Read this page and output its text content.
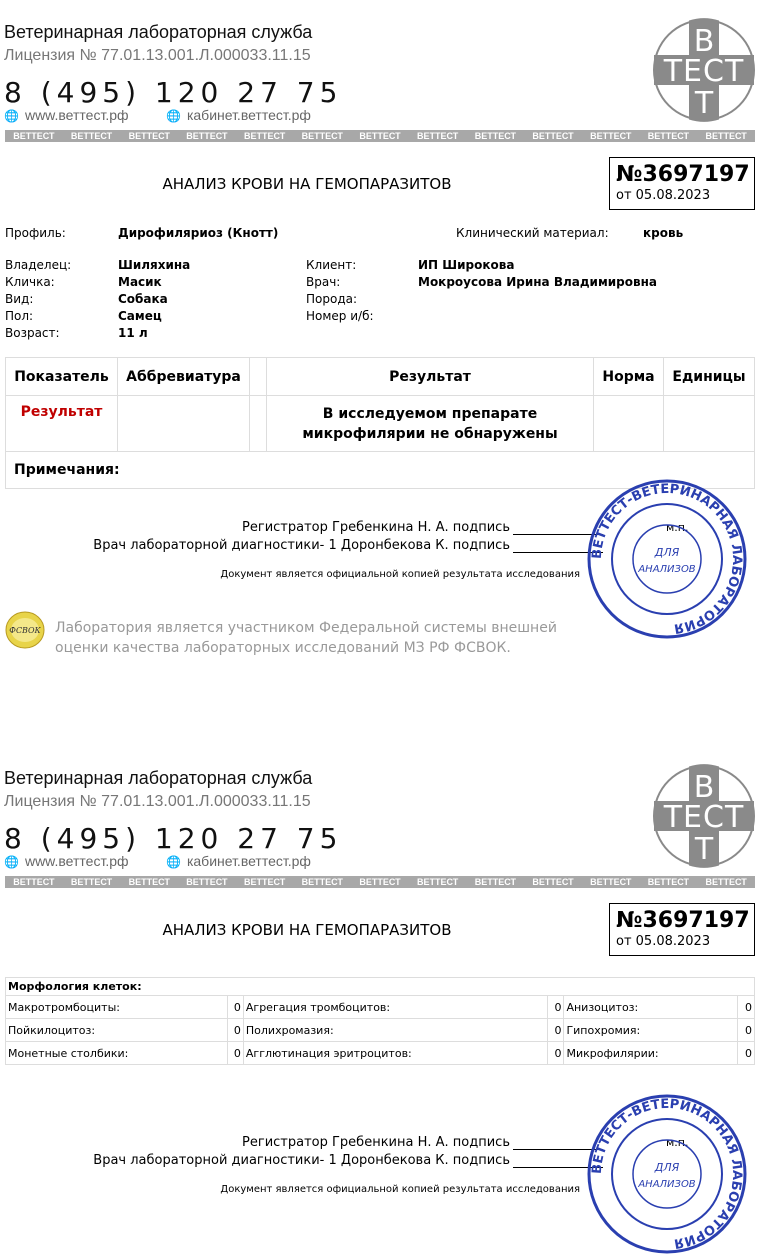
Ветеринарная лабораторная служба
Лицензия № 77.01.13.001.Л.000033.11.15
8 (495) 120 27 75
🌐 www.веттест.рф	🌐 кабинет.веттест.рф
ВЕТТЕСТ ВЕТТЕСТ ВЕТТЕСТ ВЕТТЕСТ ВЕТТЕСТ ВЕТТЕСТ ВЕТТЕСТ ВЕТТЕСТ ВЕТТЕСТ ВЕТТЕСТ ВЕТТЕСТ ВЕТТЕСТ ВЕТТЕСТ
В
ТЕСТ
Т
АНАЛИЗ КРОВИ НА ГЕМОПАРАЗИТОВ	№3697197
от 05.08.2023
Профиль:	Дирофиляриоз (Кнотт)	Клинический материал:	кровь
Владелец:	Шиляхина
Кличка:	Масик
Вид:	Собака
Пол:	Самец
Возраст:	11 л
Клиент:	ИП Широкова
Врач:	Мокроусова Ирина Владимировна
Порода:
Номер и/б:
Показатель	Аббревиатура		Результат	Норма	Единицы
Результат			В исследуемом препарате
микрофилярии не обнаружены		

Примечания:					
Регистратор Гребенкина Н. А. подпись	м.п.
Врач лабораторной диагностики- 1 Доронбекова К. подпись
Документ является официальной копией результата исследования
ДЛЯ
АНАЛИЗОВ
ВЕТТЕСТ-ВЕТЕРИНАРНАЯ ЛАБОРАТОРИЯ
ФСВОК Лаборатория является участником Федеральной системы внешней
оценки качества лабораторных исследований МЗ РФ ФСВОК.
Ветеринарная лабораторная служба
Лицензия № 77.01.13.001.Л.000033.11.15
8 (495) 120 27 75
🌐 www.веттест.рф	🌐 кабинет.веттест.рф
ВЕТТЕСТ ВЕТТЕСТ ВЕТТЕСТ ВЕТТЕСТ ВЕТТЕСТ ВЕТТЕСТ ВЕТТЕСТ ВЕТТЕСТ ВЕТТЕСТ ВЕТТЕСТ ВЕТТЕСТ ВЕТТЕСТ ВЕТТЕСТ
В
ТЕСТ
Т
АНАЛИЗ КРОВИ НА ГЕМОПАРАЗИТОВ	№3697197
от 05.08.2023
Морфология клеток:					
Макротромбоциты:	0	Агрегация тромбоцитов:	0	Анизоцитоз:	0
Пойкилоцитоз:	0	Полихромазия:	0	Гипохромия:	0
Монетные столбики:	0	Агглютинация эритроцитов:	0	Микрофилярии:	0
Регистратор Гребенкина Н. А. подпись	м.п.
Врач лабораторной диагностики- 1 Доронбекова К. подпись
Документ является официальной копией результата исследования
ДЛЯ
АНАЛИЗОВ
ВЕТТЕСТ-ВЕТЕРИНАРНАЯ ЛАБОРАТОРИЯ
